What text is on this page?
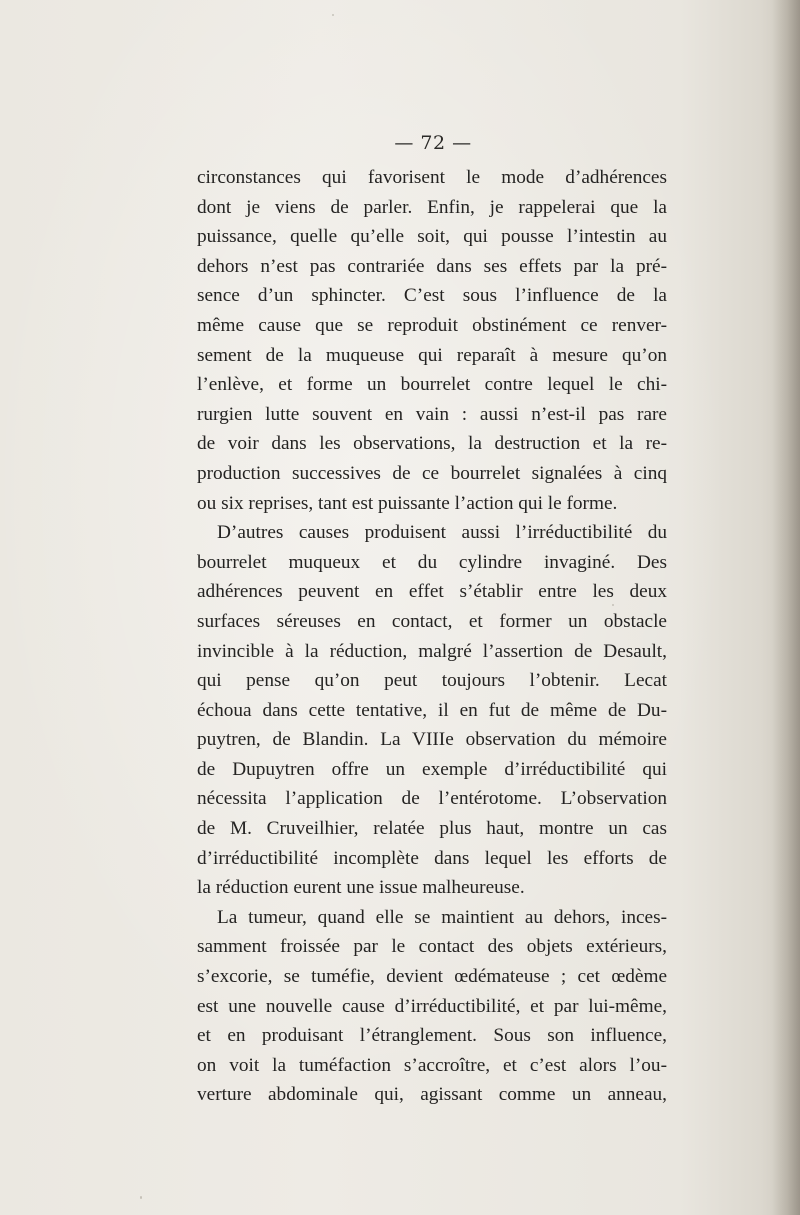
— 72 —
circonstances qui favorisent le mode d’adhérences
dont je viens de parler. Enfin, je rappelerai que la
puissance, quelle qu’elle soit, qui pousse l’intestin au
dehors n’est pas contrariée dans ses effets par la pré-
sence d’un sphincter. C’est sous l’influence de la
même cause que se reproduit obstinément ce renver-
sement de la muqueuse qui reparaît à mesure qu’on
l’enlève, et forme un bourrelet contre lequel le chi-
rurgien lutte souvent en vain : aussi n’est-il pas rare
de voir dans les observations, la destruction et la re-
production successives de ce bourrelet signalées à cinq
ou six reprises, tant est puissante l’action qui le forme.
D’autres causes produisent aussi l’irréductibilité du
bourrelet muqueux et du cylindre invaginé. Des
adhérences peuvent en effet s’établir entre les deux
surfaces séreuses en contact, et former un obstacle
invincible à la réduction, malgré l’assertion de Desault,
qui pense qu’on peut toujours l’obtenir. Lecat
échoua dans cette tentative, il en fut de même de Du-
puytren, de Blandin. La VIIIe observation du mémoire
de Dupuytren offre un exemple d’irréductibilité qui
nécessita l’application de l’entérotome. L’observation
de M. Cruveilhier, relatée plus haut, montre un cas
d’irréductibilité incomplète dans lequel les efforts de
la réduction eurent une issue malheureuse.
La tumeur, quand elle se maintient au dehors, inces-
samment froissée par le contact des objets extérieurs,
s’excorie, se tuméfie, devient œdémateuse ; cet œdème
est une nouvelle cause d’irréductibilité, et par lui-même,
et en produisant l’étranglement. Sous son influence,
on voit la tuméfaction s’accroître, et c’est alors l’ou-
verture abdominale qui, agissant comme un anneau,
